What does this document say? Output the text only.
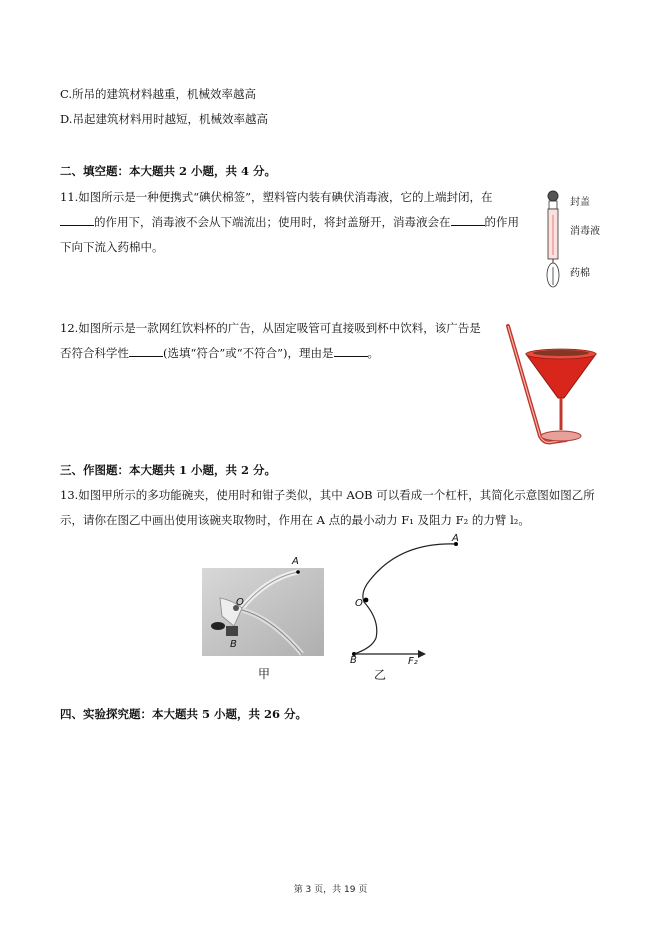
C.所吊的建筑材料越重，机械效率越高
D.吊起建筑材料用时越短，机械效率越高
二、填空题：本大题共 2 小题，共 4 分。
11.如图所示是一种便携式“碘伏棉签”，塑料管内装有碘伏消毒液，它的上端封闭，在
的作用下，消毒液不会从下端流出；使用时，将封盖掰开，消毒液会在	的作用
下向下流入药棉中。
封盖
消毒液
药棉
12.如图所示是一款网红饮料杯的广告，从固定吸管可直接吸到杯中饮料，该广告是
否符合科学性	(选填“符合”或“不符合”)，理由是	。
三、作图题：本大题共 1 小题，共 2 分。
13.如图甲所示的多功能碗夹，使用时和钳子类似，其中 AOB 可以看成一个杠杆，其简化示意图如图乙所
示，请你在图乙中画出使用该碗夹取物时，作用在 A 点的最小动力 F₁ 及阻力 F₂ 的力臂 l₂。
A
O
B
甲
A
O
B	F₂
乙
四、实验探究题：本大题共 5 小题，共 26 分。
第 3 页，共 19 页
